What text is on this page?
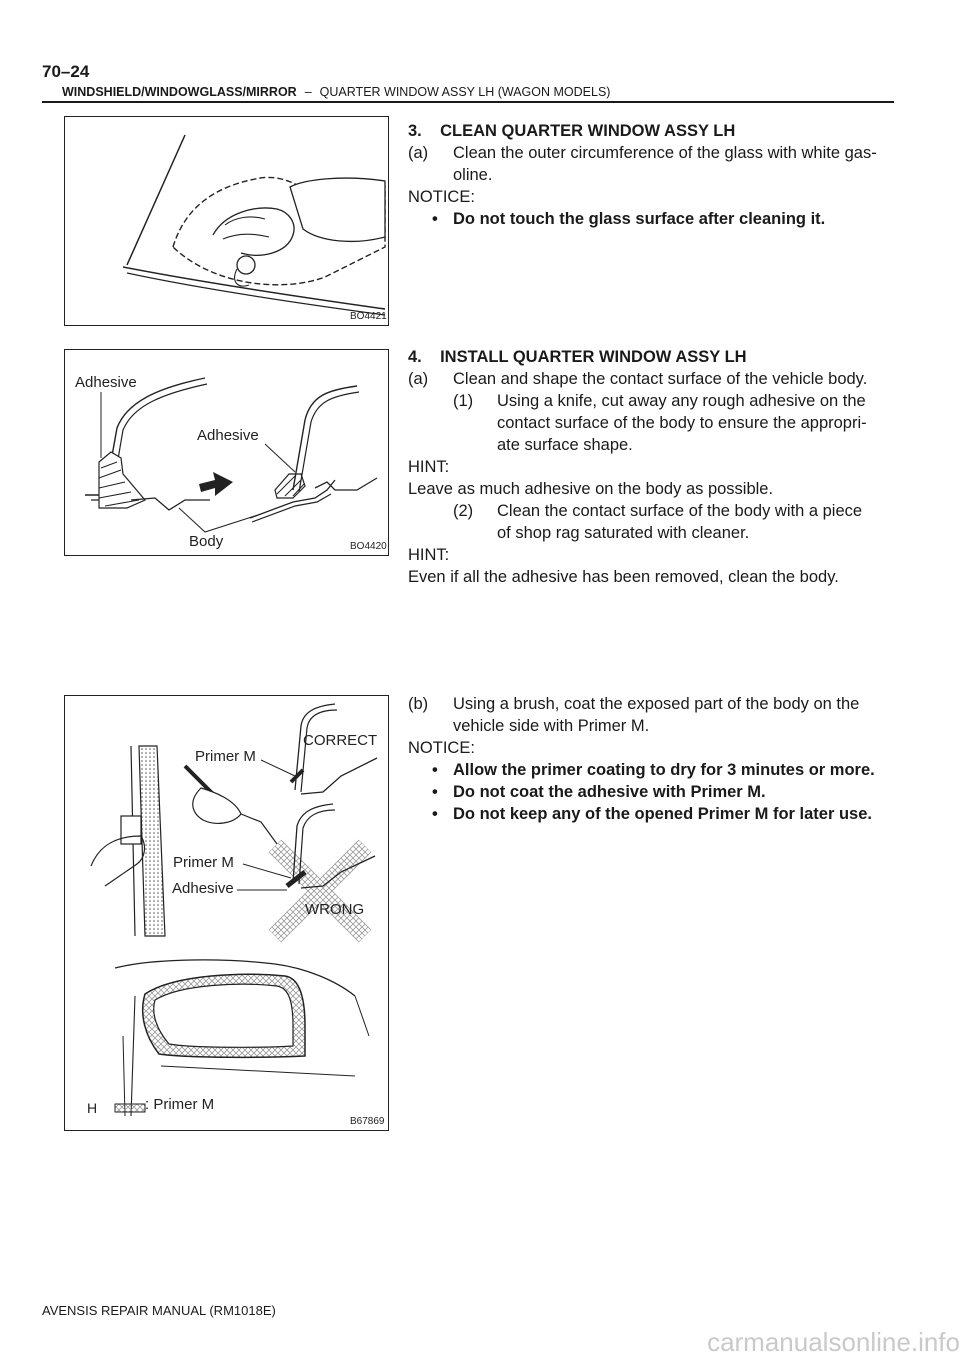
70–24
WINDSHIELD/WINDOWGLASS/MIRROR – QUARTER WINDOW ASSY LH (WAGON MODELS)
BO4421
Adhesive
Adhesive
Body	BO4420
Primer M
CORRECT
Primer M
Adhesive
WRONG
H	: Primer M
B67869
3.    CLEAN QUARTER WINDOW ASSY LH
(a) Clean the outer circumference of the glass with white gas-
oline.
NOTICE:
• Do not touch the glass surface after cleaning it.
4.    INSTALL QUARTER WINDOW ASSY LH
(a) Clean and shape the contact surface of the vehicle body.
(1) Using a knife, cut away any rough adhesive on the
contact surface of the body to ensure the appropri-
ate surface shape.
HINT:
Leave as much adhesive on the body as possible.
(2) Clean the contact surface of the body with a piece
of shop rag saturated with cleaner.
HINT:
Even if all the adhesive has been removed, clean the body.
(b) Using a brush, coat the exposed part of the body on the
vehicle side with Primer M.
NOTICE:
• Allow the primer coating to dry for 3 minutes or more.
• Do not coat the adhesive with Primer M.
• Do not keep any of the opened Primer M for later use.
AVENSIS REPAIR MANUAL (RM1018E)
carmanualsonline.info
